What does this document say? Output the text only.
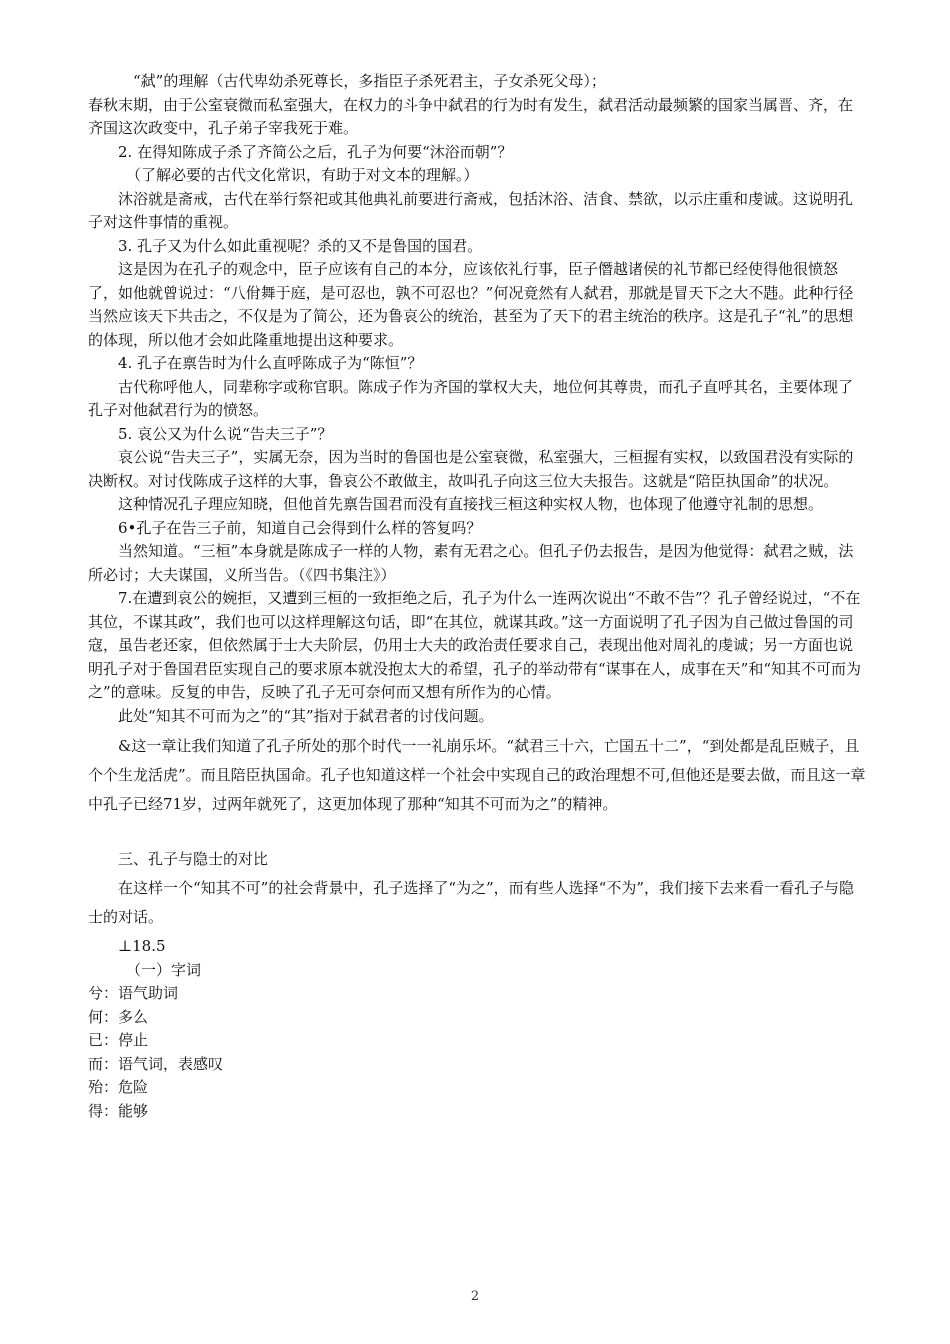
“弑”的理解（古代卑幼杀死尊长，多指臣子杀死君主，子女杀死父母）；

春秋末期，由于公室衰微而私室强大，在权力的斗争中弑君的行为时有发生，弑君活动最频繁的国家当属晋、齐，在齐国这次政变中，孔子弟子宰我死于难。

2. 在得知陈成子杀了齐简公之后，孔子为何要“沐浴而朝”？

（了解必要的古代文化常识，有助于对文本的理解。）

沐浴就是斋戒，古代在举行祭祀或其他典礼前要进行斋戒，包括沐浴、洁食、禁欲，以示庄重和虔诚。这说明孔子对这件事情的重视。

3. 孔子又为什么如此重视呢？杀的又不是鲁国的国君。

这是因为在孔子的观念中，臣子应该有自己的本分，应该依礼行事，臣子僭越诸侯的礼节都已经使得他很愤怒了，如他就曾说过：“八佾舞于庭，是可忍也，孰不可忍也？”何况竟然有人弑君，那就是冒天下之大不韪。此种行径当然应该天下共击之，不仅是为了简公，还为鲁哀公的统治，甚至为了天下的君主统治的秩序。这是孔子“礼”的思想的体现，所以他才会如此隆重地提出这种要求。

4. 孔子在禀告时为什么直呼陈成子为“陈恒”？

古代称呼他人，同辈称字或称官职。陈成子作为齐国的掌权大夫，地位何其尊贵，而孔子直呼其名，主要体现了孔子对他弑君行为的愤怒。

5. 哀公又为什么说“告夫三子”？

哀公说“告夫三子”，实属无奈，因为当时的鲁国也是公室衰微，私室强大，三桓握有实权，以致国君没有实际的决断权。对讨伐陈成子这样的大事，鲁哀公不敢做主，故叫孔子向这三位大夫报告。这就是“陪臣执国命”的状况。

这种情况孔子理应知晓，但他首先禀告国君而没有直接找三桓这种实权人物，也体现了他遵守礼制的思想。

6•孔子在告三子前，知道自己会得到什么样的答复吗？

当然知道。“三桓”本身就是陈成子一样的人物，素有无君之心。但孔子仍去报告，是因为他觉得：弑君之贼，法所必讨；大夫谋国，义所当告。（《四书集注》）

7.在遭到哀公的婉拒，又遭到三桓的一致拒绝之后，孔子为什么一连两次说出“不敢不告”？孔子曾经说过，“不在其位，不谋其政”，我们也可以这样理解这句话，即“在其位，就谋其政。”这一方面说明了孔子因为自己做过鲁国的司寇，虽告老还家，但依然属于士大夫阶层，仍用士大夫的政治责任要求自己，表现出他对周礼的虔诚；另一方面也说明孔子对于鲁国君臣实现自己的要求原本就没抱太大的希望，孔子的举动带有“谋事在人，成事在天”和“知其不可而为之”的意味。反复的申告，反映了孔子无可奈何而又想有所作为的心情。

此处“知其不可而为之”的“其”指对于弑君者的讨伐问题。

&这一章让我们知道了孔子所处的那个时代一一礼崩乐坏。“弑君三十六，亡国五十二”，“到处都是乱臣贼子，且个个生龙活虎”。而且陪臣执国命。孔子也知道这样一个社会中实现自己的政治理想不可,但他还是要去做，而且这一章中孔子已经71岁，过两年就死了，这更加体现了那种“知其不可而为之”的精神。

三、孔子与隐士的对比

在这样一个“知其不可”的社会背景中，孔子选择了“为之”，而有些人选择“不为”，我们接下去来看一看孔子与隐士的对话。

⊥18.5

（一）字词

兮：语气助词
何：多么
已：停止
而：语气词，表感叹
殆：危险
得：能够
2
